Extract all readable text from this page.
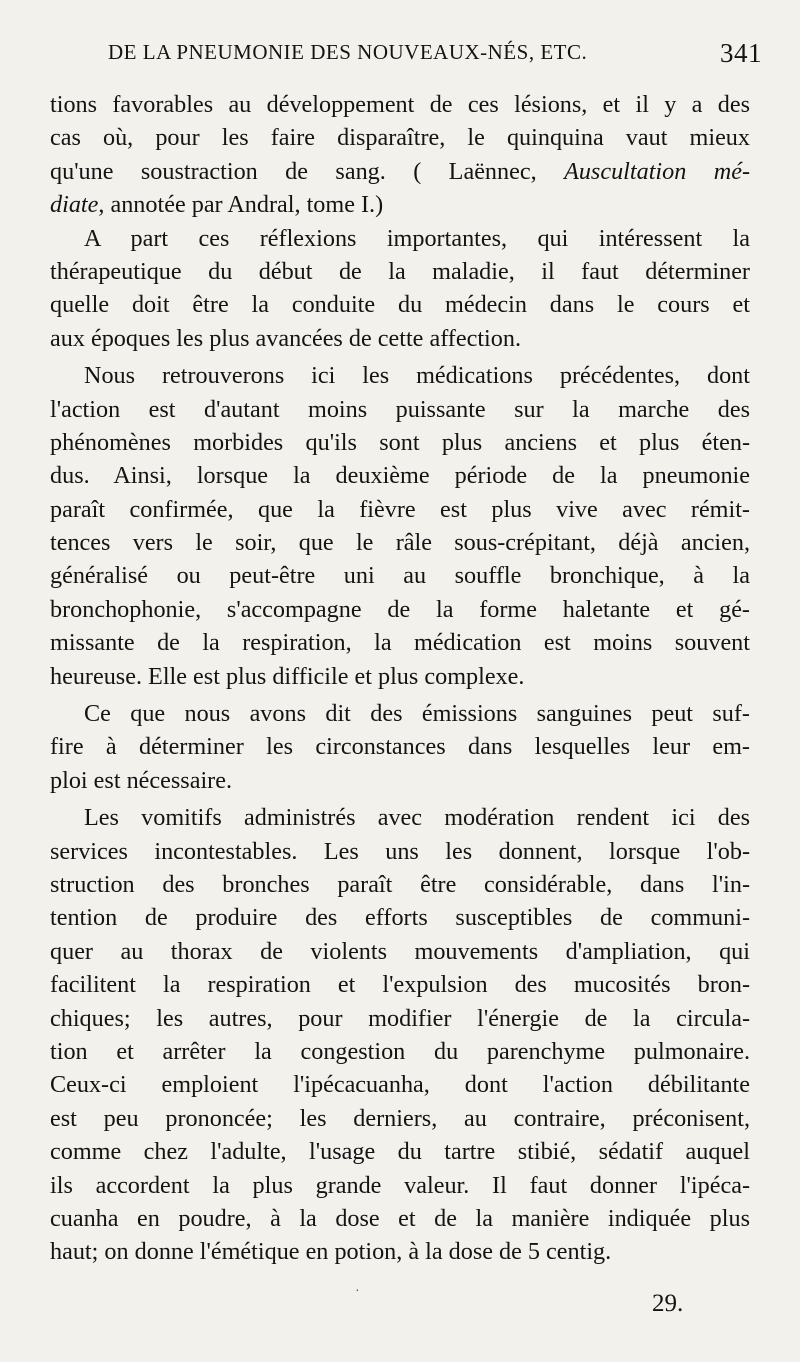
DE LA PNEUMONIE DES NOUVEAUX-NÉS, ETC.	341
tions favorables au développement de ces lésions, et il y a des
cas où, pour les faire disparaître, le quinquina vaut mieux
qu'une soustraction de sang. ( Laënnec, Auscultation mé-
diate, annotée par Andral, tome I.)
A part ces réflexions importantes, qui intéressent la
thérapeutique du début de la maladie, il faut déterminer
quelle doit être la conduite du médecin dans le cours et
aux époques les plus avancées de cette affection.
Nous retrouverons ici les médications précédentes, dont
l'action est d'autant moins puissante sur la marche des
phénomènes morbides qu'ils sont plus anciens et plus éten-
dus. Ainsi, lorsque la deuxième période de la pneumonie
paraît confirmée, que la fièvre est plus vive avec rémit-
tences vers le soir, que le râle sous-crépitant, déjà ancien,
généralisé ou peut-être uni au souffle bronchique, à la
bronchophonie, s'accompagne de la forme haletante et gé-
missante de la respiration, la médication est moins souvent
heureuse. Elle est plus difficile et plus complexe.
Ce que nous avons dit des émissions sanguines peut suf-
fire à déterminer les circonstances dans lesquelles leur em-
ploi est nécessaire.
Les vomitifs administrés avec modération rendent ici des
services incontestables. Les uns les donnent, lorsque l'ob-
struction des bronches paraît être considérable, dans l'in-
tention de produire des efforts susceptibles de communi-
quer au thorax de violents mouvements d'ampliation, qui
facilitent la respiration et l'expulsion des mucosités bron-
chiques; les autres, pour modifier l'énergie de la circula-
tion et arrêter la congestion du parenchyme pulmonaire.
Ceux-ci emploient l'ipécacuanha, dont l'action débilitante
est peu prononcée; les derniers, au contraire, préconisent,
comme chez l'adulte, l'usage du tartre stibié, sédatif auquel
ils accordent la plus grande valeur. Il faut donner l'ipéca-
cuanha en poudre, à la dose et de la manière indiquée plus
haut; on donne l'émétique en potion, à la dose de 5 centig.
·	29.
